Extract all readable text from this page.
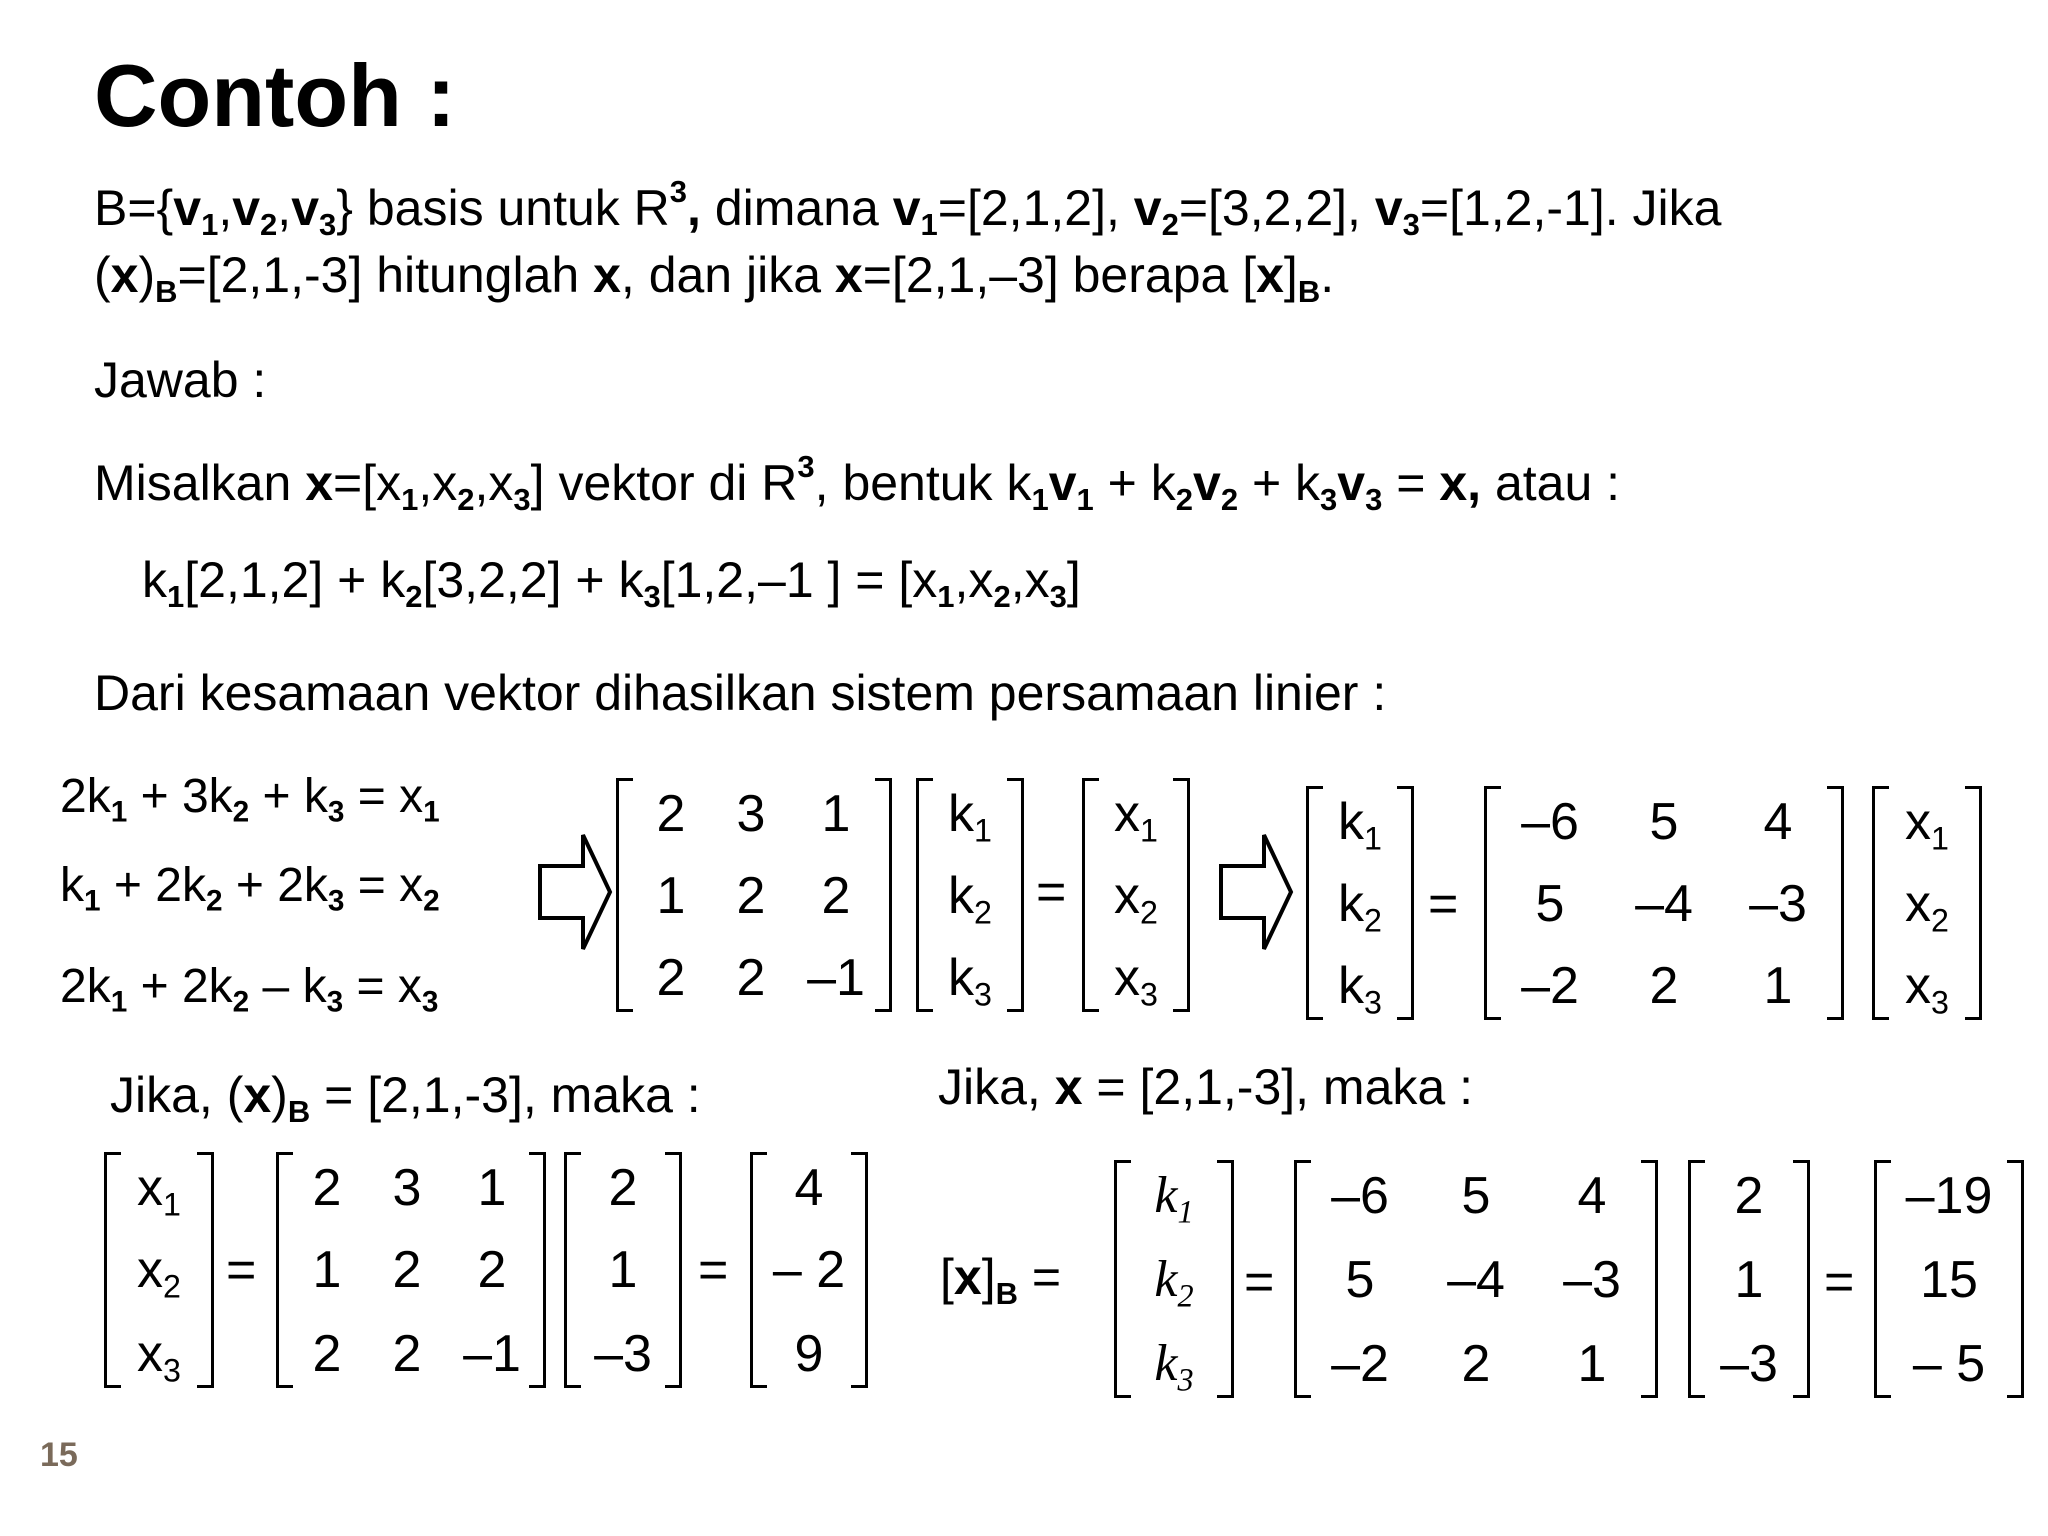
Contoh :
$B=\{v_1,v_2,v_3\}$ basis untuk $R^3$, dimana $v_1=[2,1,2]$, $v_2=[3,2,2]$, $v_3=[1,2,-1]$. Jika
$(x)_B=[2,1,-3]$ hitunglah x, dan jika x=[2,1,–3] berapa $[x]_B$.
Jawab :
Misalkan $x=[x_1,x_2,x_3]$ vektor di $R^3$, bentuk $k_1v_1 + k_2v_2 + k_3v_3 = x$, atau :
$k_1[2,1,2] + k_2[3,2,2] + k_3[1,2,-1$ ] = $[x_1,x_2,x_3]$
Dari kesamaan vektor dihasilkan sistem persamaan linier :
$2k_1 + 3k_2 + k_3 = x_1$
$k_1 + 2k_2 + 2k_3 = x_2$
$2k_1 + 2k_2 - k_3 = x_3$
2 3	1
1 2	2
2 2 –1
$k_1$
$k_2$
$k_3$
=
$x_1$
$x_2$
$x_3$
$k_1$
$k_2$
$k_3$
=
–6	5	4
5	–4	–3
–2	2	1
$x_1$
$x_2$
$x_3$
Jika, $(x)_B = [2,1,-3]$, maka :
$x_1$
$x_2$
$x_3$
=
2 3	1
1 2	2
2 2 –1
2
1
–3
=
4
– 2
9
Jika, x = [2,1,-3], maka :
$[x]_B$ =
$k_1$
$k_2$
$k_3$
=
–6	5	4
5	–4	–3
–2	2	1
2
1
–3
=
–19
15
– 5
15
